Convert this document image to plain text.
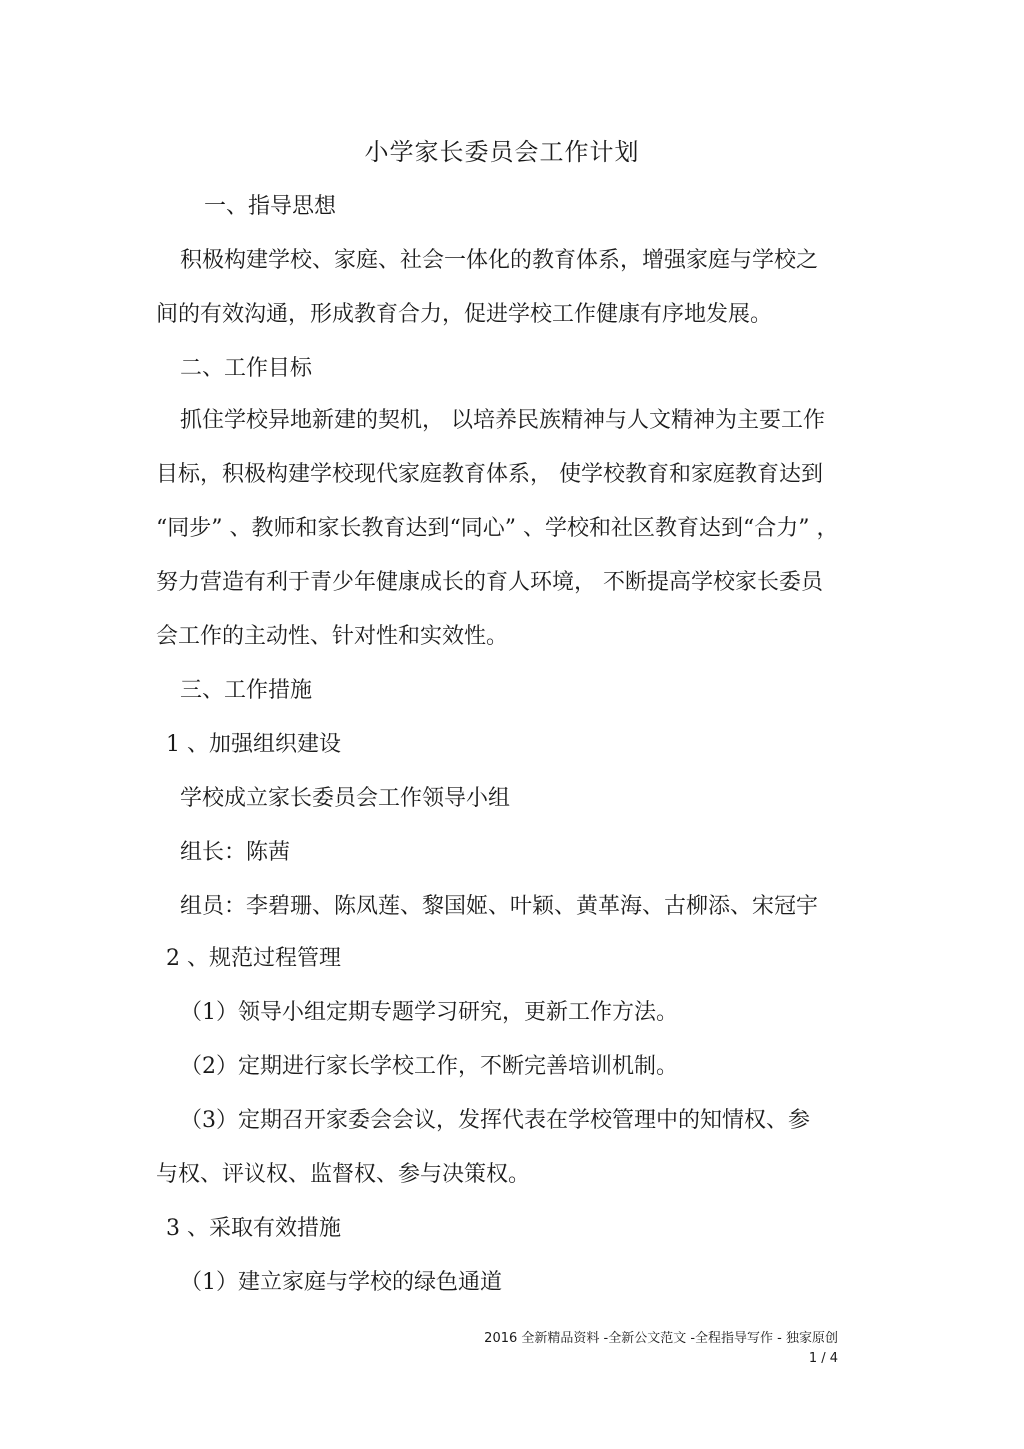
小学家长委员会工作计划

一、指导思想

积极构建学校、家庭、社会一体化的教育体系，增强家庭与学校之

间的有效沟通，形成教育合力，促进学校工作健康有序地发展。

二、工作目标

抓住学校异地新建的契机， 以培养民族精神与人文精神为主要工作

目标，积极构建学校现代家庭教育体系， 使学校教育和家庭教育达到

“同步” 、教师和家长教育达到“同心” 、学校和社区教育达到“合力” ，

努力营造有利于青少年健康成长的育人环境， 不断提高学校家长委员

会工作的主动性、针对性和实效性。

三、工作措施

1 、加强组织建设

学校成立家长委员会工作领导小组

组长：陈茜

组员：李碧珊、陈凤莲、黎国姬、叶颖、黄革海、古柳添、宋冠宇

2 、规范过程管理

（1）领导小组定期专题学习研究，更新工作方法。

（2）定期进行家长学校工作，不断完善培训机制。

（3）定期召开家委会会议，发挥代表在学校管理中的知情权、参

与权、评议权、监督权、参与决策权。

3 、采取有效措施

（1）建立家庭与学校的绿色通道

2016 全新精品资料 -全新公文范文 -全程指导写作 - 独家原创
1 / 4
